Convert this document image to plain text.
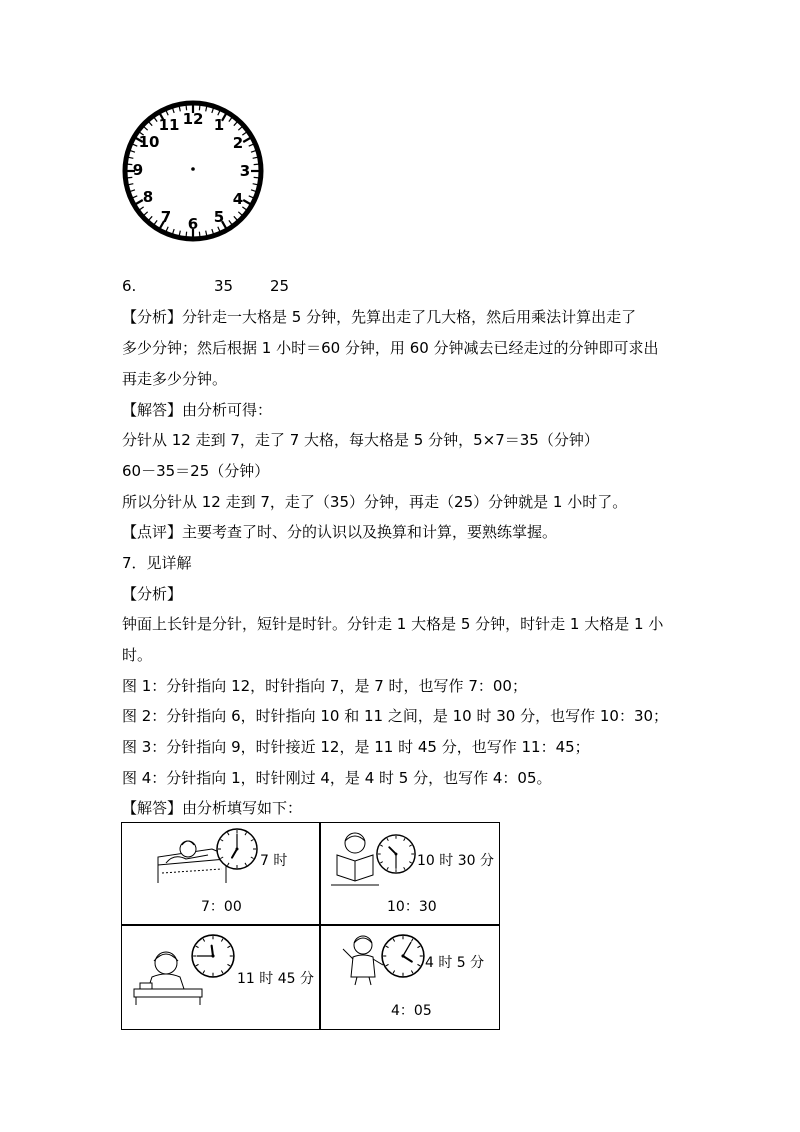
12 1
2
3
4
5
6
7
8
9
10
11
6.	35 25
【分析】分针走一大格是 5 分钟，先算出走了几大格，然后用乘法计算出走了
多少分钟；然后根据 1 小时＝60 分钟，用 60 分钟减去已经走过的分钟即可求出
再走多少分钟。
【解答】由分析可得：
分针从 12 走到 7，走了 7 大格，每大格是 5 分钟，5×7＝35（分钟）
60－35＝25（分钟）
所以分针从 12 走到 7，走了（35）分钟，再走（25）分钟就是 1 小时了。
【点评】主要考查了时、分的认识以及换算和计算，要熟练掌握。
7．见详解
【分析】
钟面上长针是分针，短针是时针。分针走 1 大格是 5 分钟，时针走 1 大格是 1 小
时。
图 1：分针指向 12，时针指向 7，是 7 时，也写作 7：00；
图 2：分针指向 6，时针指向 10 和 11 之间，是 10 时 30 分，也写作 10：30；
图 3：分针指向 9，时针接近 12，是 11 时 45 分，也写作 11：45；
图 4：分针指向 1，时针刚过 4，是 4 时 5 分，也写作 4：05。
【解答】由分析填写如下：
7 时
7：00
10 时 30 分
10：30
11 时 45 分
4 时 5 分
4：05
